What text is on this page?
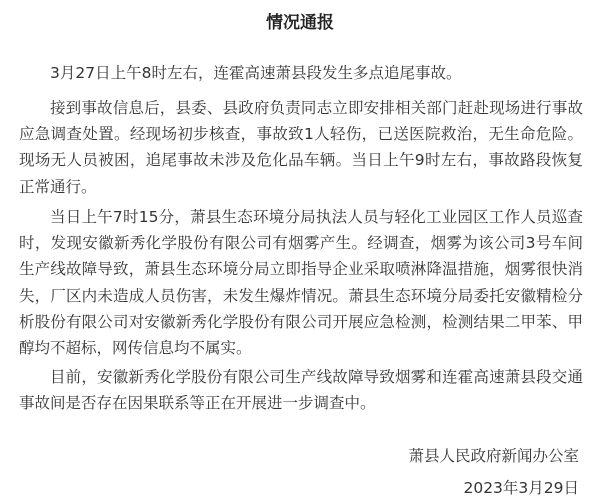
情况通报

3月27日上午8时左右，连霍高速萧县段发生多点追尾事故。

接到事故信息后，县委、县政府负责同志立即安排相关部门赶赴现场进行事故应急调查处置。经现场初步核查，事故致1人轻伤，已送医院救治，无生命危险。现场无人员被困，追尾事故未涉及危化品车辆。当日上午9时左右，事故路段恢复正常通行。

当日上午7时15分，萧县生态环境分局执法人员与轻化工业园区工作人员巡查时，发现安徽新秀化学股份有限公司有烟雾产生。经调查，烟雾为该公司3号车间生产线故障导致，萧县生态环境分局立即指导企业采取喷淋降温措施，烟雾很快消失，厂区内未造成人员伤害，未发生爆炸情况。萧县生态环境分局委托安徽精检分析股份有限公司对安徽新秀化学股份有限公司开展应急检测，检测结果二甲苯、甲醇均不超标，网传信息均不属实。

目前，安徽新秀化学股份有限公司生产线故障导致烟雾和连霍高速萧县段交通事故间是否存在因果联系等正在开展进一步调查中。

萧县人民政府新闻办公室
2023年3月29日
